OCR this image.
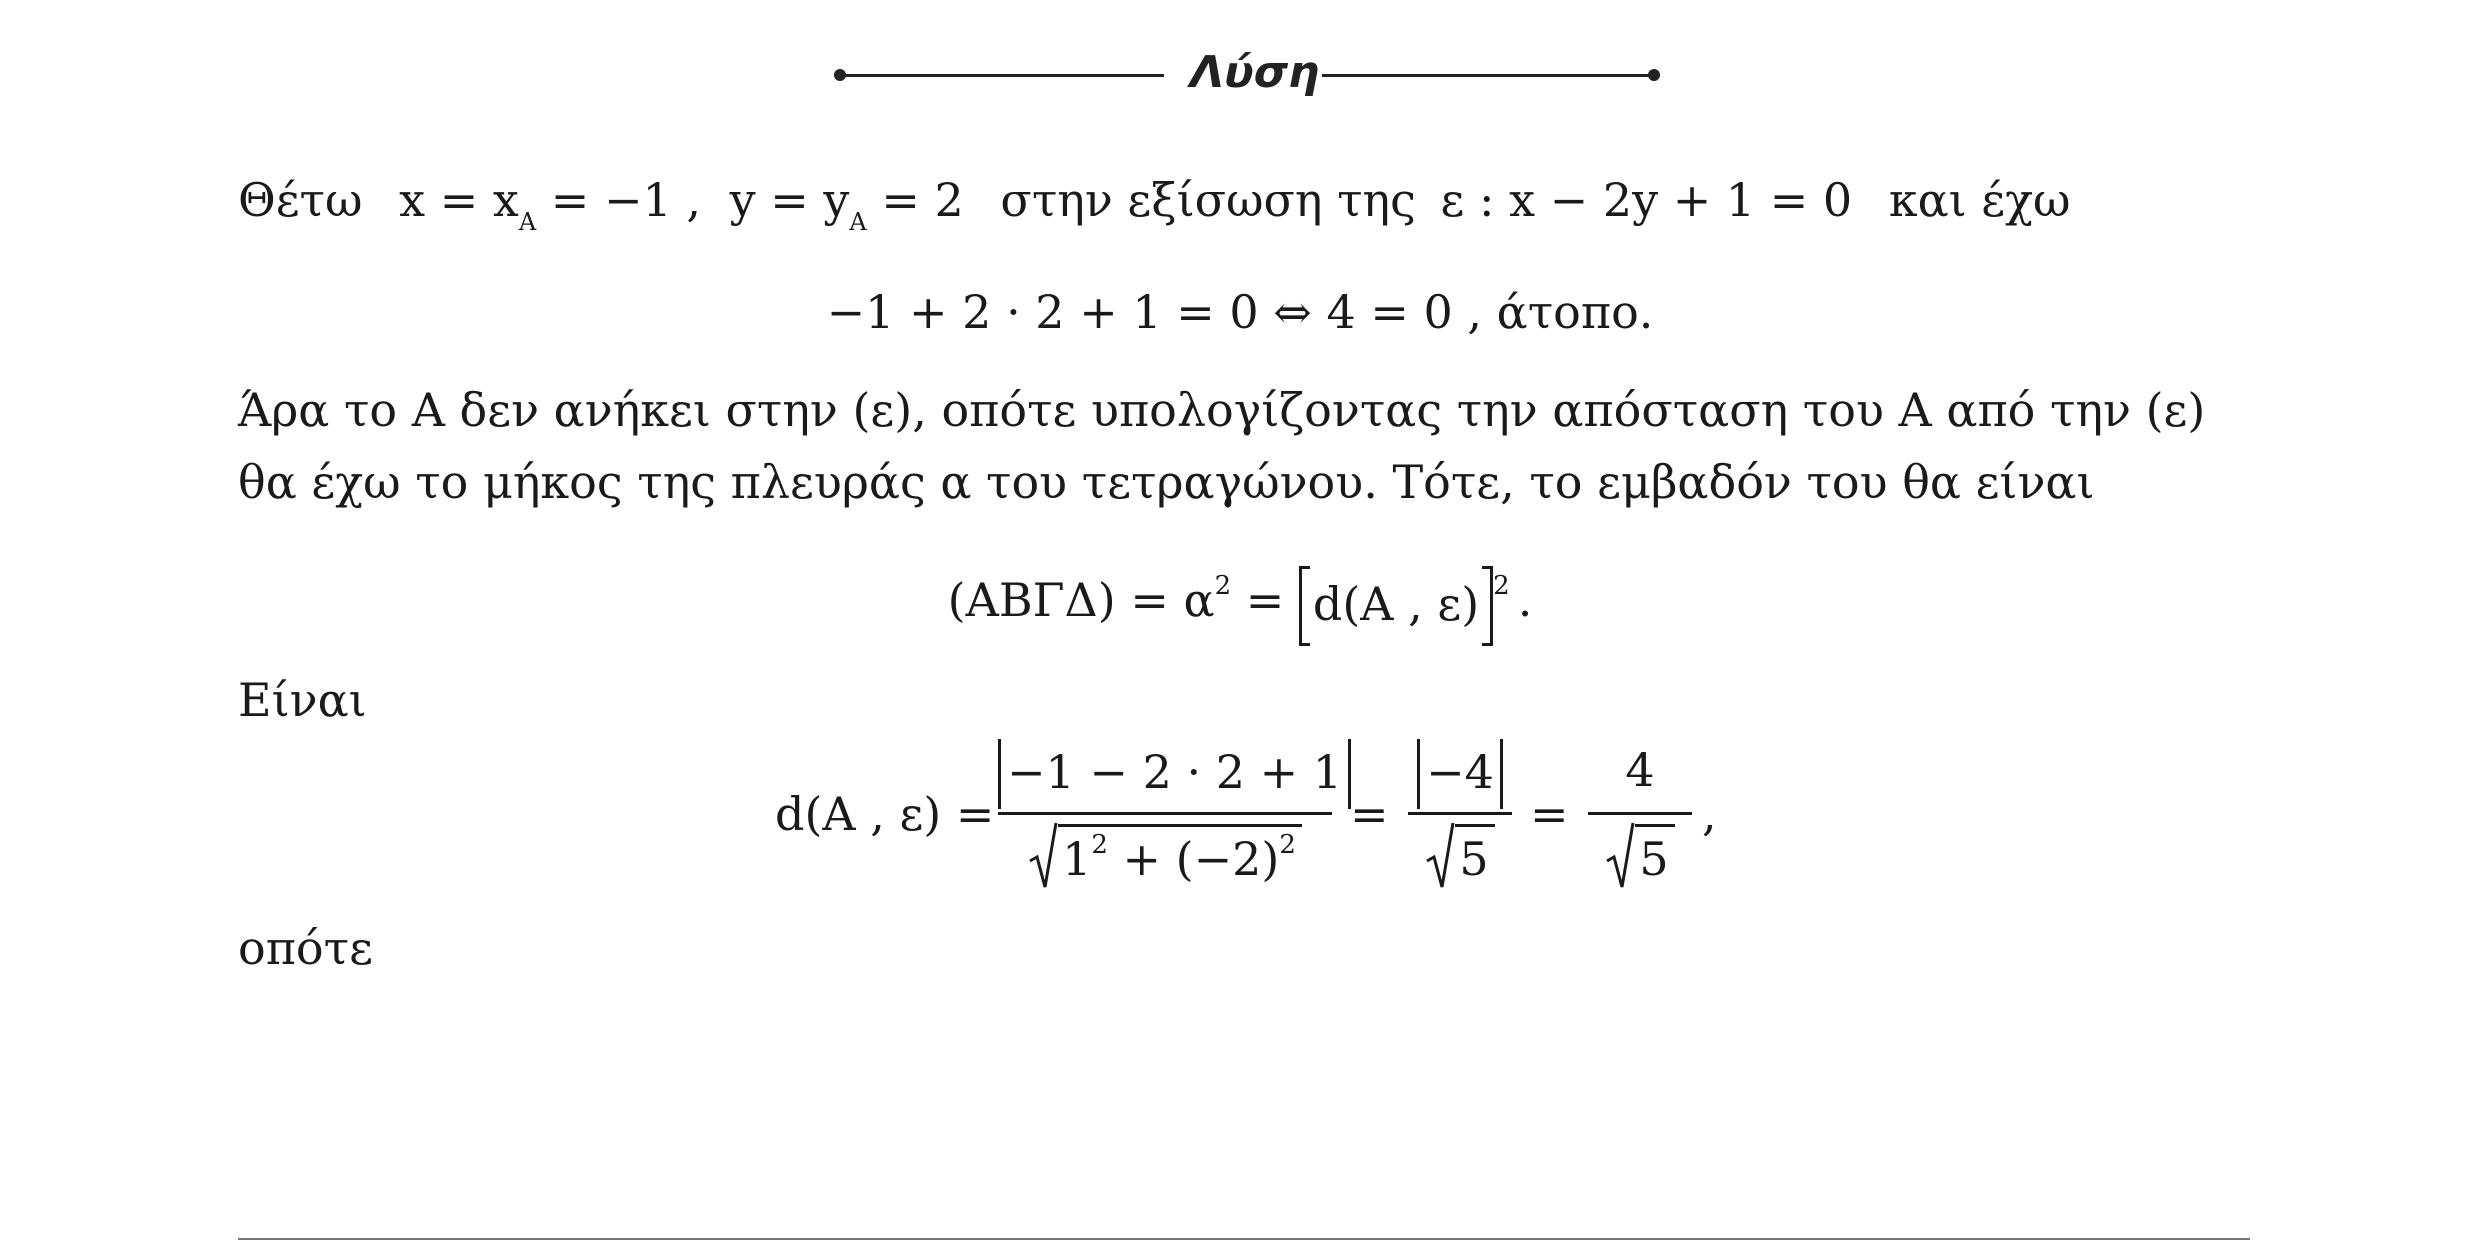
Λύση
Θέτω $x = x_A = -1$ , $y = y_A = 2$ στην εξίσωση της ε : x − 2y + 1 = 0 και έχω
−1 + 2 · 2 + 1 = 0 ⇔ 4 = 0 , άτοπο.
Άρα το A δεν ανήκει στην (ε), οπότε υπολογίζοντας την απόσταση του A από την (ε)
θα έχω το μήκος της πλευράς α του τετραγώνου. Τότε, το εμβαδόν του θα είναι
$(AB\Gamma\Delta) = \alpha^2 = d(A$ , ε) $^2$ .
Είναι
d(A , ε) =
−1 − 2 · 2 + 1
$1^2 + (-2)^2$
=
−4
5
=
4
5
,
οπότε
